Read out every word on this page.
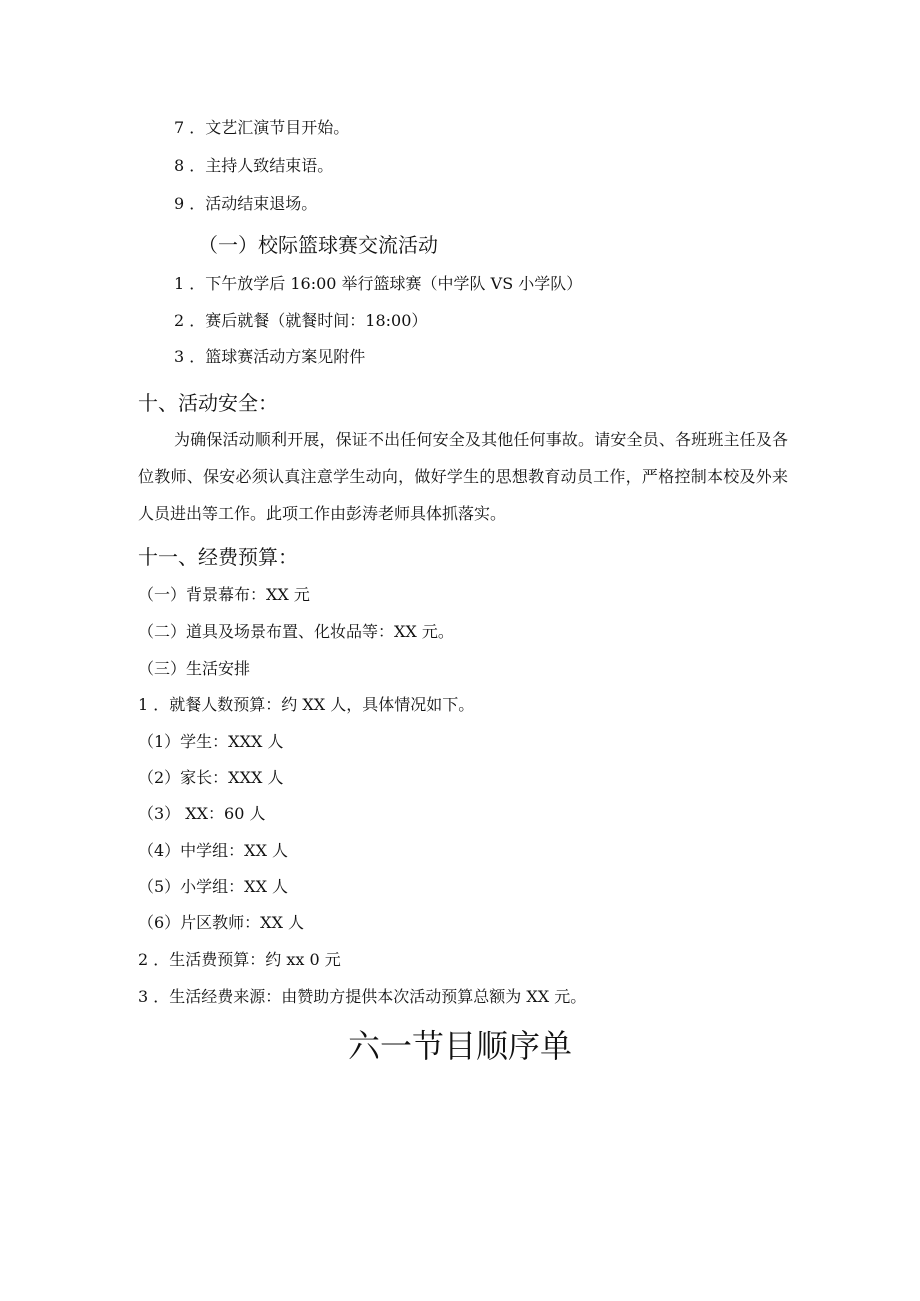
7 ．文艺汇演节目开始。
8 ．主持人致结束语。
9 ．活动结束退场。
（一）校际篮球赛交流活动
1 ．下午放学后 16:00 举行篮球赛（中学队 VS 小学队）
2 ．赛后就餐（就餐时间：18:00）
3 ．篮球赛活动方案见附件
十、活动安全：
为确保活动顺利开展，保证不出任何安全及其他任何事故。请安全员、各班班主任及各位教师、保安必须认真注意学生动向，做好学生的思想教育动员工作，严格控制本校及外来人员进出等工作。此项工作由彭涛老师具体抓落实。
十一、经费预算：
（一）背景幕布：XX 元
（二）道具及场景布置、化妆品等：XX 元。
（三）生活安排
1 ．就餐人数预算：约 XX 人，具体情况如下。
（1）学生：XXX 人
（2）家长：XXX 人
（3） XX：60 人
（4）中学组：XX 人
（5）小学组：XX 人
（6）片区教师：XX 人
2 ．生活费预算：约 xx 0 元
3 ．生活经费来源：由赞助方提供本次活动预算总额为 XX 元。
六一节目顺序单
